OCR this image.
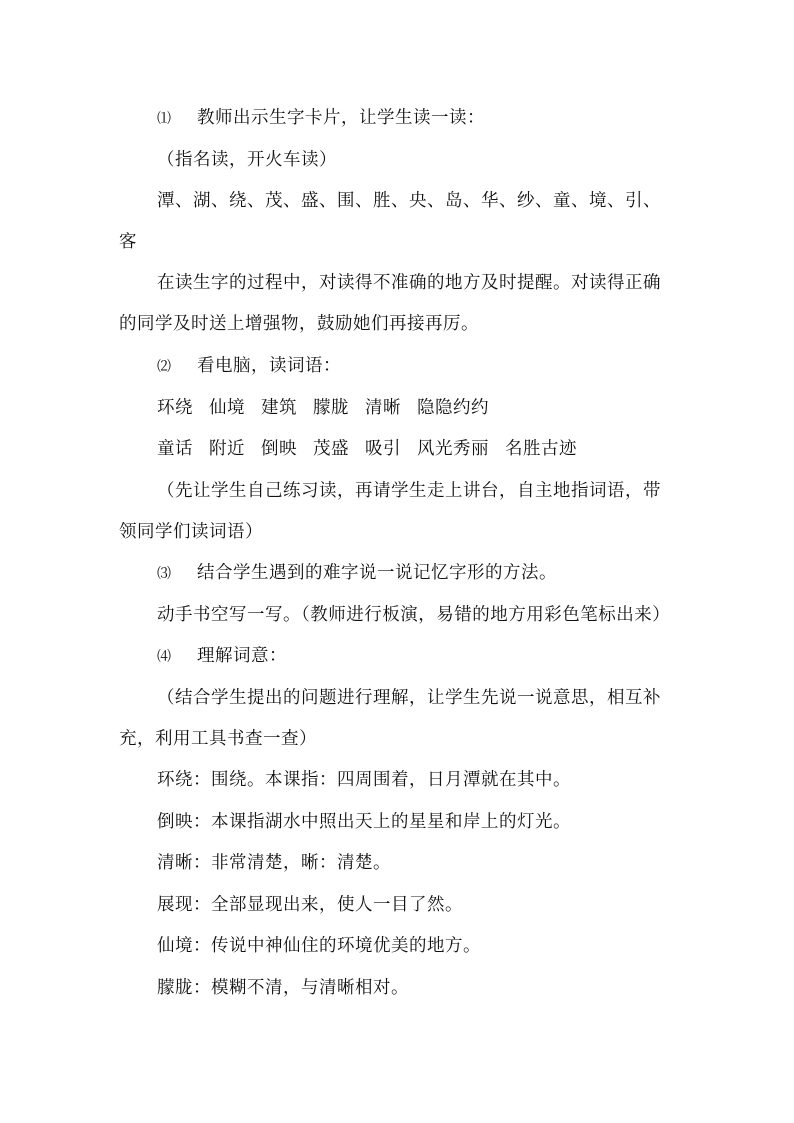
⑴ 教师出示生字卡片，让学生读一读：
（指名读，开火车读）
潭、湖、绕、茂、盛、围、胜、央、岛、华、纱、童、境、引、
客
在读生字的过程中，对读得不准确的地方及时提醒。对读得正确
的同学及时送上增强物，鼓励她们再接再厉。
⑵ 看电脑，读词语：
环绕 仙境 建筑 朦胧 清晰 隐隐约约
童话 附近 倒映 茂盛 吸引 风光秀丽 名胜古迹
（先让学生自己练习读，再请学生走上讲台，自主地指词语，带
领同学们读词语）
⑶ 结合学生遇到的难字说一说记忆字形的方法。
动手书空写一写。（教师进行板演，易错的地方用彩色笔标出来）
⑷ 理解词意：
（结合学生提出的问题进行理解，让学生先说一说意思，相互补
充，利用工具书查一查）
环绕：围绕。本课指：四周围着，日月潭就在其中。
倒映：本课指湖水中照出天上的星星和岸上的灯光。
清晰：非常清楚，晰：清楚。
展现：全部显现出来，使人一目了然。
仙境：传说中神仙住的环境优美的地方。
朦胧：模糊不清，与清晰相对。
